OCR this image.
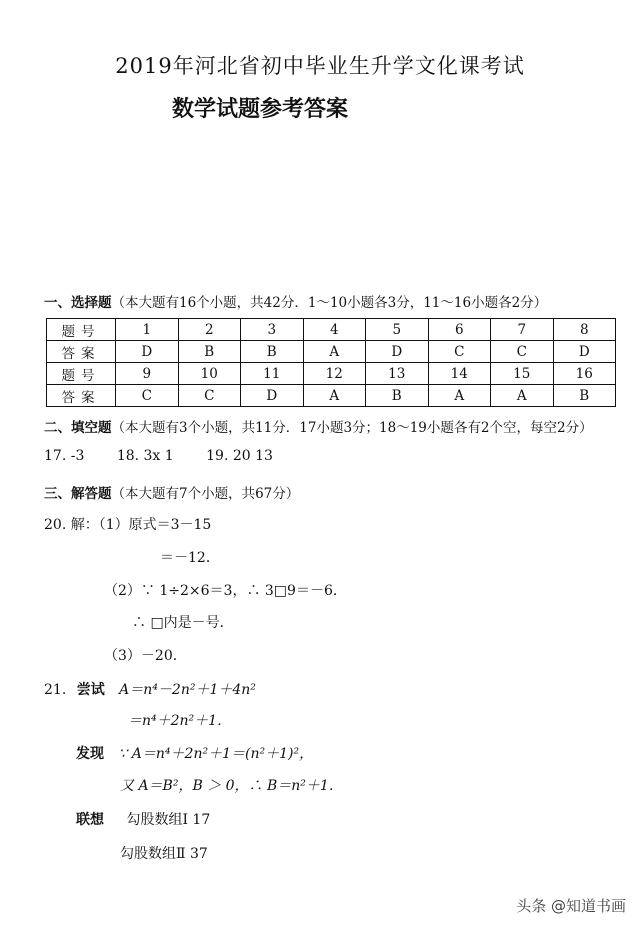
2019年河北省初中毕业生升学文化课考试
数学试题参考答案
一、选择题（本大题有16个小题，共42分．1～10小题各3分，11～16小题各2分）
题号	1	2	3	4	5	6	7	8
答案	D	B	B	A	D	C	C	D
题号	9	10	11	12	13	14	15	16
答案	C	C	D	A	B	A	A	B
二、填空题（本大题有3个小题，共11分．17小题3分；18～19小题各有2个空，每空2分）
17. -3 18. 3x 1 19. 20 13
三、解答题（本大题有7个小题，共67分）
20. 解：（1）原式＝3－15
＝－12．
（2）∵ 1÷2×6＝3，∴ 3□9＝－6．
∴ □内是－号．
（3）－20．
21. 尝试 A＝n⁴－2n²＋1＋4n²
＝n⁴＋2n²＋1．
发现 ∵ A＝n⁴＋2n²＋1＝(n²＋1)²，
又 A＝B²，B ＞ 0，∴ B＝n²＋1．
联想 勾股数组Ⅰ 17
勾股数组Ⅱ 37
头条 @知道书画
